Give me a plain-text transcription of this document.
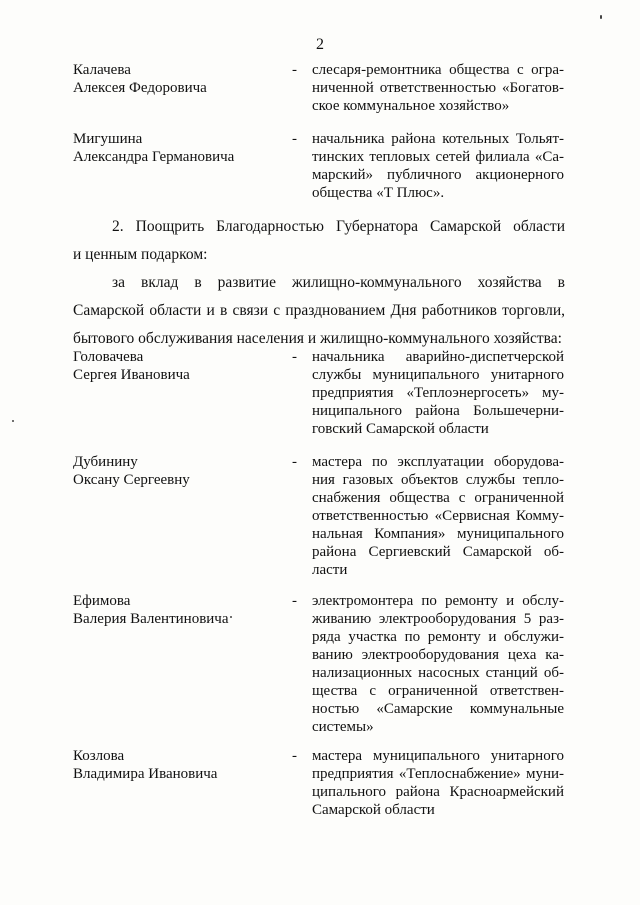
2
Калачева
Алексея Федоровича
- слесаря-ремонтника общества с огра-ниченной ответственностью «Богатов-ское коммунальное хозяйство»
Мигушина
Александра Германовича
- начальника района котельных Тольят-тинских тепловых сетей филиала «Са-марский» публичного акционерного общества «Т Плюс».
2. Поощрить Благодарностью Губернатора Самарской области
и ценным подарком:
за вклад в развитие жилищно-коммунального хозяйства в Самарской области и в связи с празднованием Дня работников торговли, бытового обслуживания населения и жилищно-коммунального хозяйства:
Головачева
Сергея Ивановича
- начальника аварийно-диспетчерской службы муниципального унитарного предприятия «Теплоэнергосеть» му-ниципального района Большечерни-говский Самарской области
Дубинину
Оксану Сергеевну
- мастера по эксплуатации оборудова-ния газовых объектов службы тепло-снабжения общества с ограниченной ответственностью «Сервисная Комму-нальная Компания» муниципального района Сергиевский Самарской об-ласти
Ефимова
Валерия Валентиновича
- электромонтера по ремонту и обслу-живанию электрооборудования 5 раз-ряда участка по ремонту и обслужи-ванию электрооборудования цеха ка-нализационных насосных станций об-щества с ограниченной ответствен-ностью «Самарские коммунальные системы»
Козлова
Владимира Ивановича
- мастера муниципального унитарного предприятия «Теплоснабжение» муни-ципального района Красноармейский Самарской области
